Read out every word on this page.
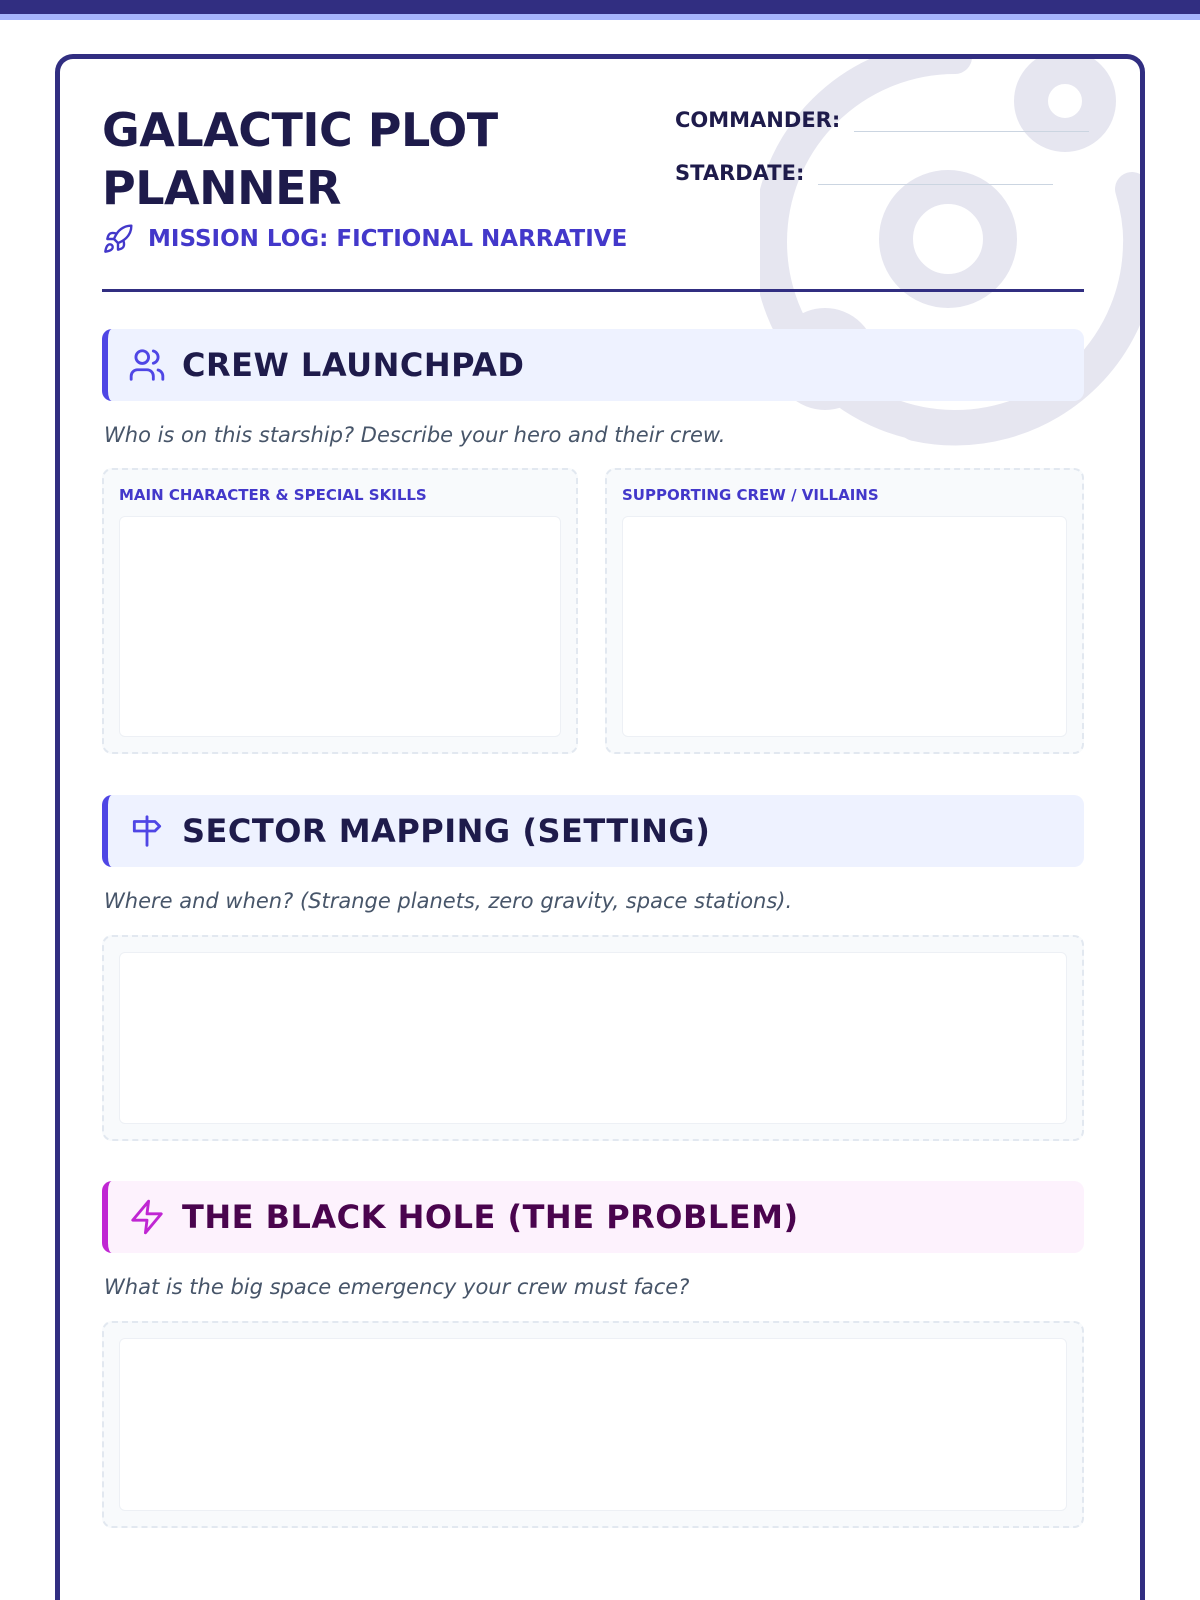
GALACTIC PLOT PLANNER
MISSION LOG: FICTIONAL NARRATIVE
COMMANDER:
STARDATE:
CREW LAUNCHPAD
Who is on this starship? Describe your hero and their crew.
MAIN CHARACTER & SPECIAL SKILLS	SUPPORTING CREW / VILLAINS
SECTOR MAPPING (SETTING)
Where and when? (Strange planets, zero gravity, space stations).
THE BLACK HOLE (THE PROBLEM)
What is the big space emergency your crew must face?
